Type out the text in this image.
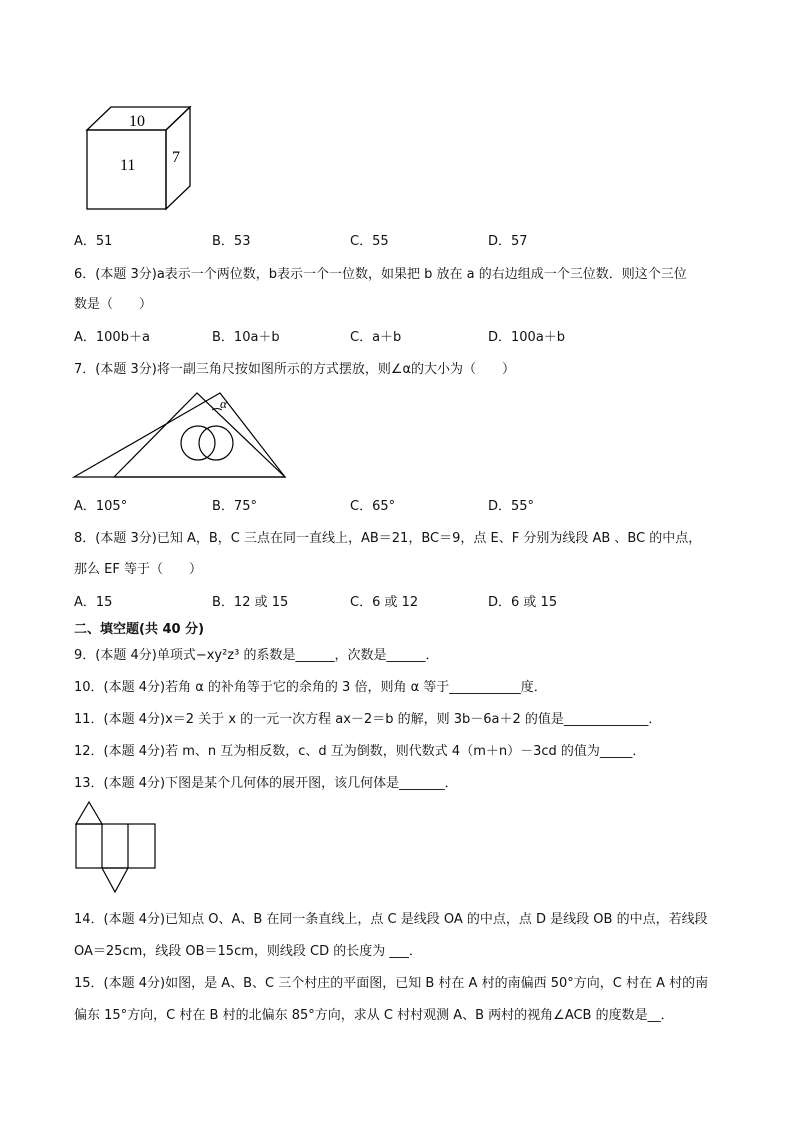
10
11 7
A．51	B．53	C．55	D．57
6．(本题 3分)a表示一个两位数，b表示一个一位数，如果把 b 放在 a 的右边组成一个三位数．则这个三位
数是（　　）
A．100b＋a	B．10a＋b	C．a＋b	D．100a＋b
7．(本题 3分)将一副三角尺按如图所示的方式摆放，则∠α的大小为（　　）
α
A．105°	B．75°	C．65°	D．55°
8．(本题 3分)已知 A，B，C 三点在同一直线上，AB＝21，BC＝9，点 E、F 分别为线段 AB 、BC 的中点，
那么 EF 等于（　　）
A．15	B．12 或 15	C．6 或 12	D．6 或 15
二、填空题(共 40 分)
9．(本题 4分)单项式−xy²z³ 的系数是______，次数是______．
10．(本题 4分)若角 α 的补角等于它的余角的 3 倍，则角 α 等于___________度．
11．(本题 4分)x＝2 关于 x 的一元一次方程 ax－2＝b 的解，则 3b－6a＋2 的值是_____________．
12．(本题 4分)若 m、n 互为相反数，c、d 互为倒数，则代数式 4（m＋n）－3cd 的值为_____．
13．(本题 4分)下图是某个几何体的展开图，该几何体是_______．
14．(本题 4分)已知点 O、A、B 在同一条直线上，点 C 是线段 OA 的中点，点 D 是线段 OB 的中点，若线段
OA＝25cm，线段 OB＝15cm，则线段 CD 的长度为 ___．
15．(本题 4分)如图，是 A、B、C 三个村庄的平面图，已知 B 村在 A 村的南偏西 50°方向，C 村在 A 村的南
偏东 15°方向，C 村在 B 村的北偏东 85°方向，求从 C 村村观测 A、B 两村的视角∠ACB 的度数是__．
